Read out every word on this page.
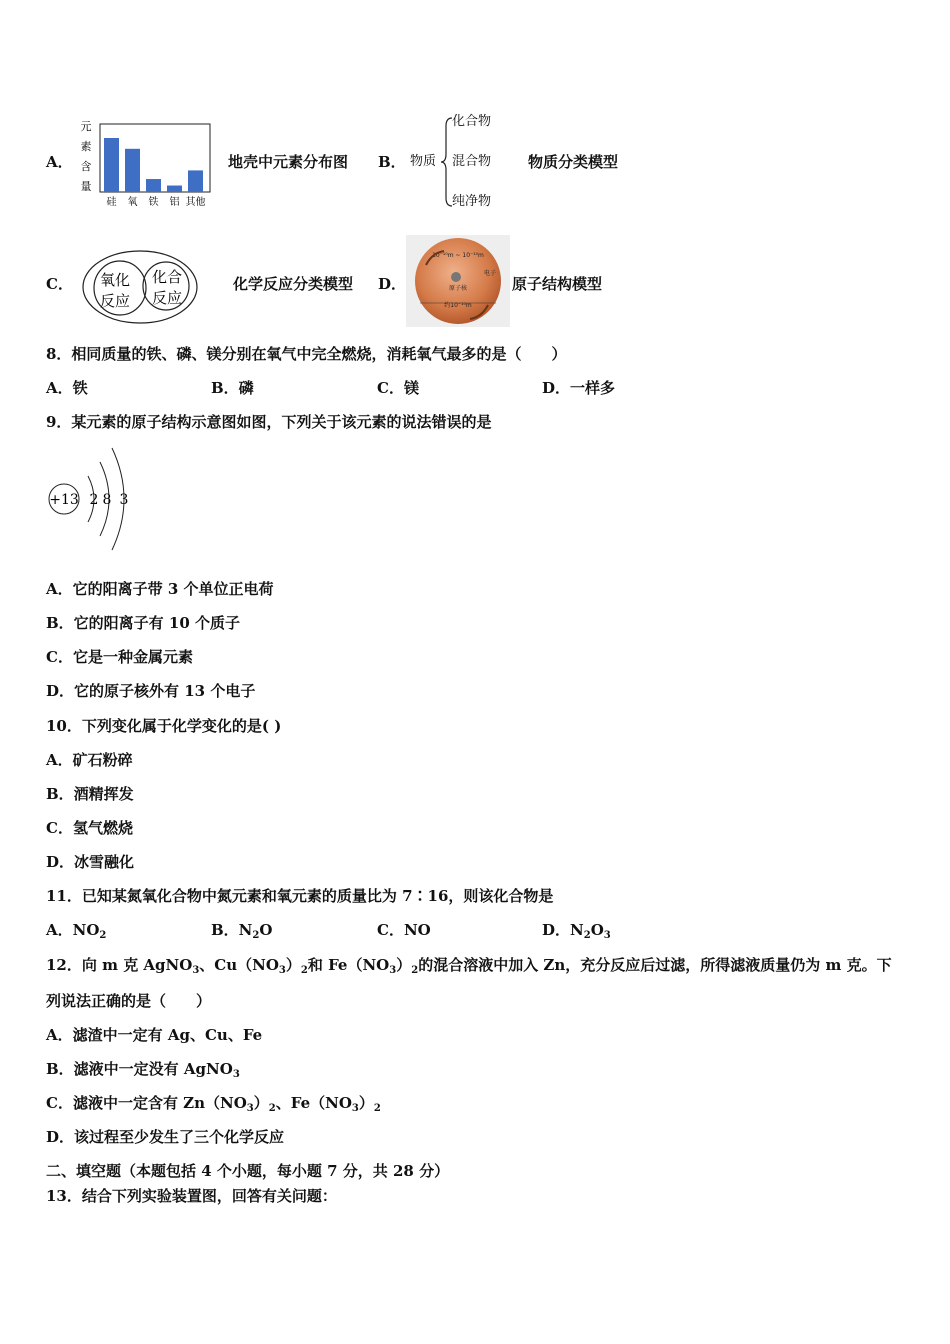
A．
元
素
含
量
硅 氧 铁 铝 其他
地壳中元素分布图 B． 物质
化合物
混合物
纯净物
物质分类模型
C． 氧化
反应
化合
反应
化学反应分类模型 D．
10⁻¹⁰m ~ 10⁻¹⁰m
电子
原子核
约10⁻¹⁰m
原子结构模型
8．相同质量的铁、磷、镁分别在氧气中完全燃烧，消耗氧气最多的是（　　）
A．铁	B．磷	C．镁	D．一样多
9．某元素的原子结构示意图如图，下列关于该元素的说法错误的是
+13 2 8 3
A．它的阳离子带 3 个单位正电荷
B．它的阳离子有 10 个质子
C．它是一种金属元素
D．它的原子核外有 13 个电子
10．下列变化属于化学变化的是( )
A．矿石粉碎
B．酒精挥发
C．氢气燃烧
D．冰雪融化
11．已知某氮氧化合物中氮元素和氧元素的质量比为 7∶16，则该化合物是
A．$NO_2$	B．$N_2O$	C．NO	D．$N_2O_3$
12．向 m 克 AgNO$_3$、$Cu(NO_3)_2$和 $Fe(NO_3)_2$的混合溶液中加入 Zn，充分反应后过滤，所得滤液质量仍为 m 克。下
列说法正确的是（　　）
A．滤渣中一定有 Ag、Cu、Fe
B．滤液中一定没有 AgNO$_3$
C．滤液中一定含有 $Zn(NO_3)_2$、$Fe(NO_3)_2$
D．该过程至少发生了三个化学反应
二、填空题（本题包括 4 个小题，每小题 7 分，共 28 分）
13．结合下列实验装置图，回答有关问题：
